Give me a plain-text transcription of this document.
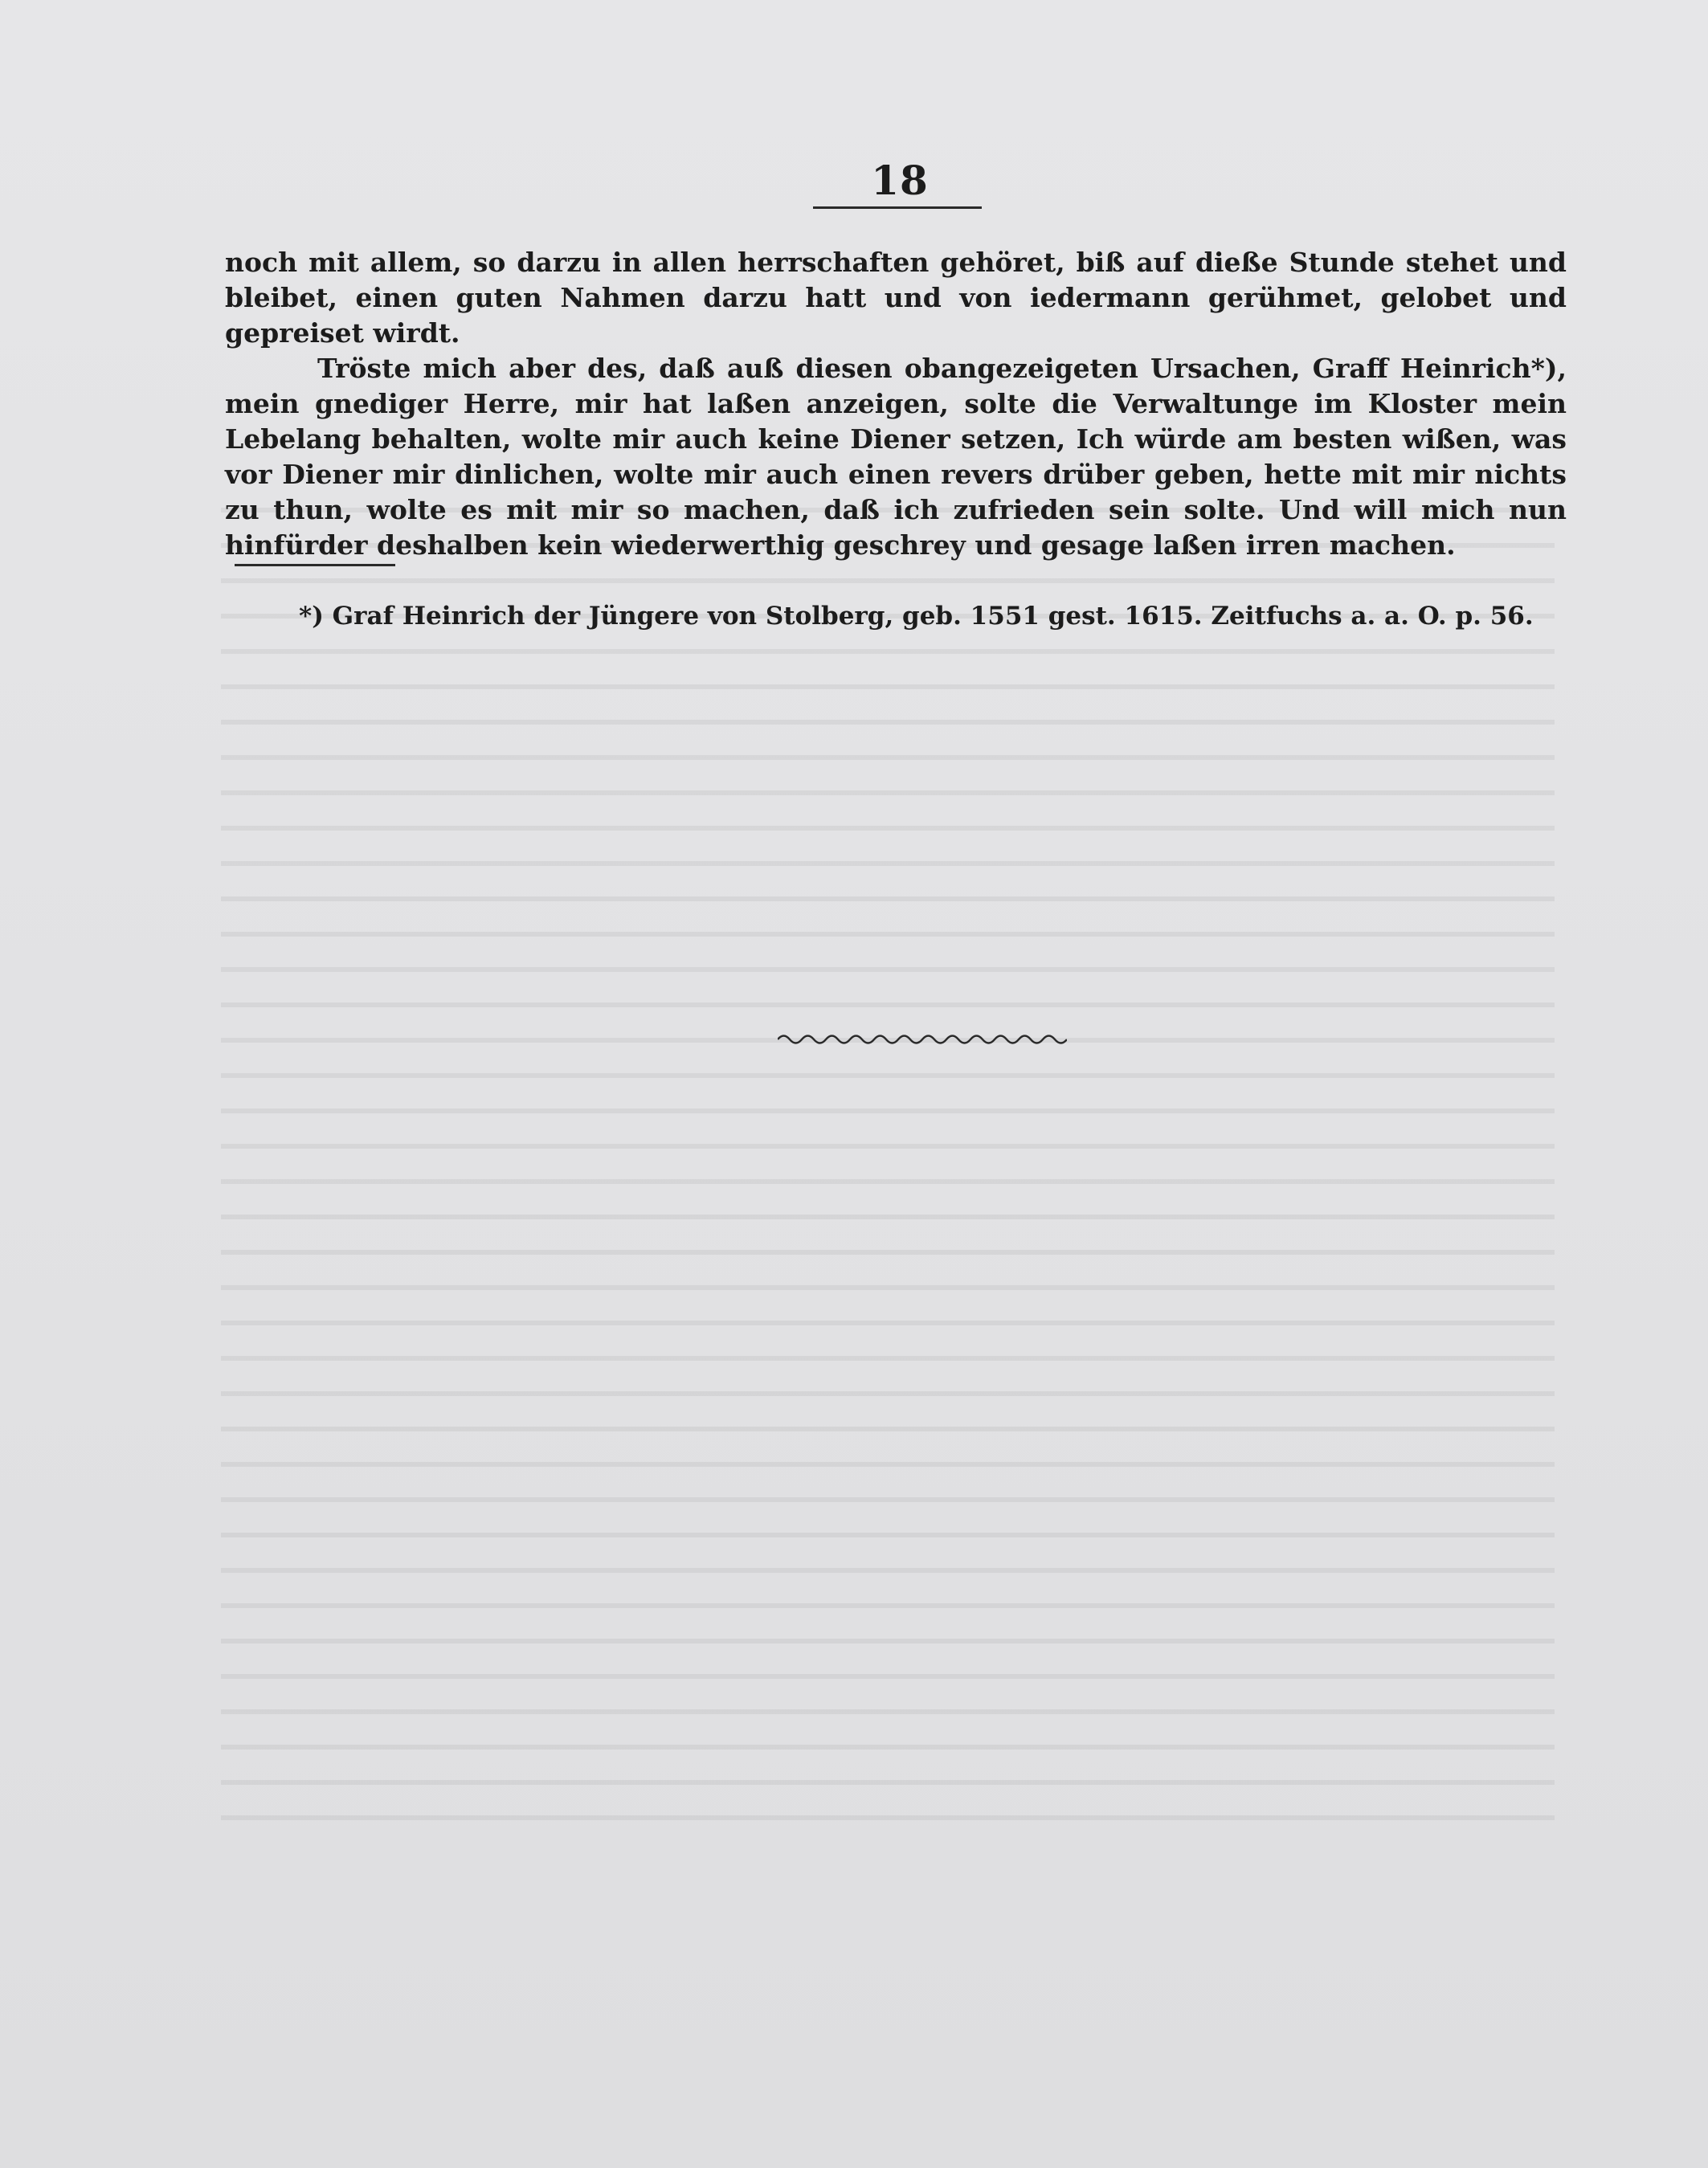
18

noch mit allem, so darzu in allen herrschaften gehöret, biß auf dieße Stunde stehet und bleibet, einen guten Nahmen darzu hatt und von iedermann gerühmet, gelobet und gepreiset wirdt.

Tröste mich aber des, daß auß diesen obangezeigeten Ursachen, Graff Heinrich*), mein gnediger Herre, mir hat laßen anzeigen, solte die Verwaltunge im Kloster mein Lebelang behalten, wolte mir auch keine Diener setzen, Ich würde am besten wißen, was vor Diener mir dinlichen, wolte mir auch einen revers drüber geben, hette mit mir nichts zu thun, wolte es mit mir so machen, daß ich zufrieden sein solte. Und will mich nun hinfürder deshalben kein wiederwerthig geschrey und gesage laßen irren machen.

*) Graf Heinrich der Jüngere von Stolberg, geb. 1551 gest. 1615. Zeitfuchs a. a. O. p. 56.
